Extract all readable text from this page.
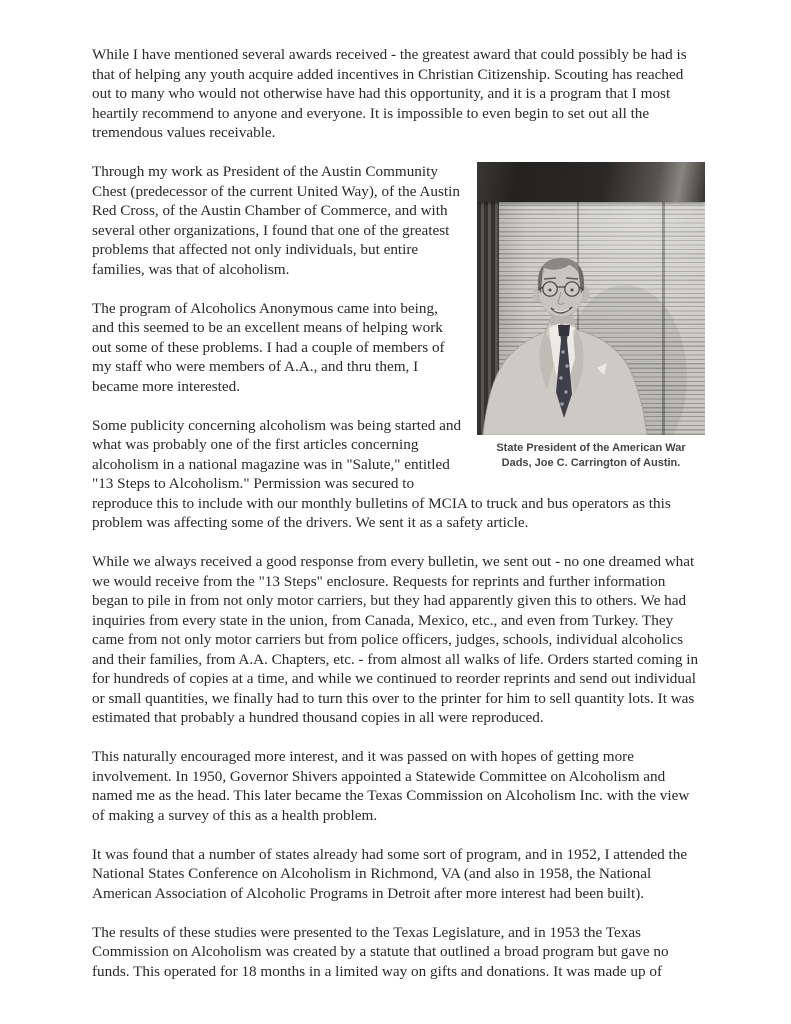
While I have mentioned several awards received - the greatest award that could possibly be had is that of helping any youth acquire added incentives in Christian Citizenship. Scouting has reached out to many who would not otherwise have had this opportunity, and it is a program that I most heartily recommend to anyone and everyone. It is impossible to even begin to set out all the tremendous values receivable.

State President of the American War
Dads, Joe C. Carrington of Austin.

Through my work as President of the Austin Community Chest (predecessor of the current United Way), of the Austin Red Cross, of the Austin Chamber of Commerce, and with several other organizations, I found that one of the greatest problems that affected not only individuals, but entire families, was that of alcoholism.

The program of Alcoholics Anonymous came into being, and this seemed to be an excellent means of helping work out some of these problems. I had a couple of members of my staff who were members of A.A., and thru them, I became more interested.

Some publicity concerning alcoholism was being started and what was probably one of the first articles concerning alcoholism in a national magazine was in "Salute," entitled "13 Steps to Alcoholism." Permission was secured to reproduce this to include with our monthly bulletins of MCIA to truck and bus operators as this problem was affecting some of the drivers. We sent it as a safety article.

While we always received a good response from every bulletin, we sent out - no one dreamed what we would receive from the "13 Steps" enclosure. Requests for reprints and further information began to pile in from not only motor carriers, but they had apparently given this to others. We had inquiries from every state in the union, from Canada, Mexico, etc., and even from Turkey. They came from not only motor carriers but from police officers, judges, schools, individual alcoholics and their families, from A.A. Chapters, etc. - from almost all walks of life. Orders started coming in for hundreds of copies at a time, and while we continued to reorder reprints and send out individual or small quantities, we finally had to turn this over to the printer for him to sell quantity lots. It was estimated that probably a hundred thousand copies in all were reproduced.

This naturally encouraged more interest, and it was passed on with hopes of getting more involvement. In 1950, Governor Shivers appointed a Statewide Committee on Alcoholism and named me as the head. This later became the Texas Commission on Alcoholism Inc. with the view of making a survey of this as a health problem.

It was found that a number of states already had some sort of program, and in 1952, I attended the National States Conference on Alcoholism in Richmond, VA (and also in 1958, the National American Association of Alcoholic Programs in Detroit after more interest had been built).

The results of these studies were presented to the Texas Legislature, and in 1953 the Texas Commission on Alcoholism was created by a statute that outlined a broad program but gave no funds. This operated for 18 months in a limited way on gifts and donations. It was made up of
